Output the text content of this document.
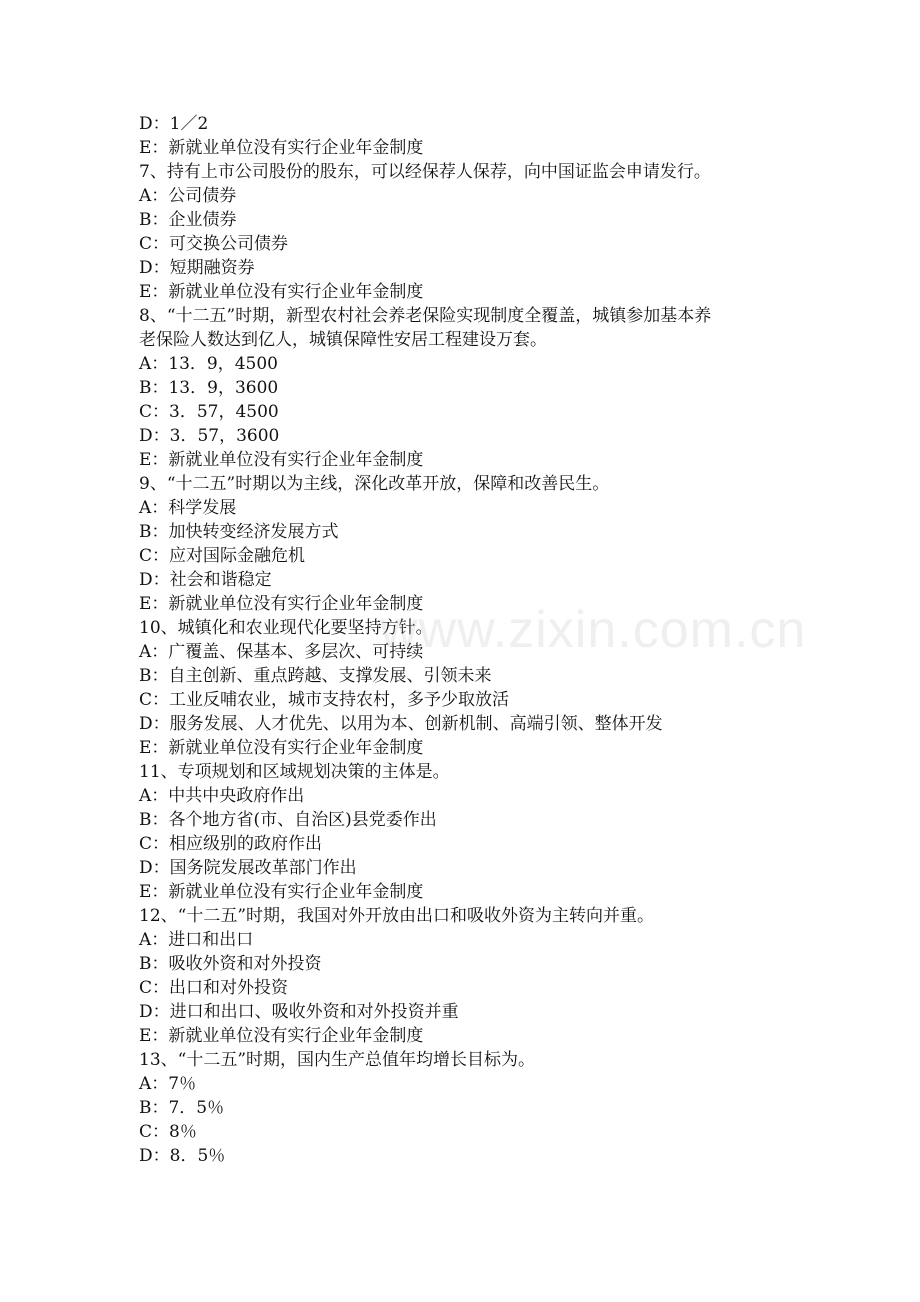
D：1／2
E：新就业单位没有实行企业年金制度
7、持有上市公司股份的股东，可以经保荐人保荐，向中国证监会申请发行。
A：公司债券
B：企业债券
C：可交换公司债券
D：短期融资券
E：新就业单位没有实行企业年金制度
8、“十二五”时期，新型农村社会养老保险实现制度全覆盖，城镇参加基本养
老保险人数达到亿人，城镇保障性安居工程建设万套。
A：13．9，4500
B：13．9，3600
C：3．57，4500
D：3．57，3600
E：新就业单位没有实行企业年金制度
9、“十二五”时期以为主线，深化改革开放，保障和改善民生。
A：科学发展
B：加快转变经济发展方式
C：应对国际金融危机
D：社会和谐稳定
E：新就业单位没有实行企业年金制度
10、城镇化和农业现代化要坚持方针。
A：广覆盖、保基本、多层次、可持续
B：自主创新、重点跨越、支撑发展、引领未来
C：工业反哺农业，城市支持农村，多予少取放活
D：服务发展、人才优先、以用为本、创新机制、高端引领、整体开发
E：新就业单位没有实行企业年金制度
11、专项规划和区域规划决策的主体是。
A：中共中央政府作出
B：各个地方省(市、自治区)县党委作出
C：相应级别的政府作出
D：国务院发展改革部门作出
E：新就业单位没有实行企业年金制度
12、“十二五”时期，我国对外开放由出口和吸收外资为主转向并重。
A：进口和出口
B：吸收外资和对外投资
C：出口和对外投资
D：进口和出口、吸收外资和对外投资并重
E：新就业单位没有实行企业年金制度
13、“十二五”时期，国内生产总值年均增长目标为。
A：7％
B：7．5％
C：8％
D：8．5％
www.zixin.com.cn
